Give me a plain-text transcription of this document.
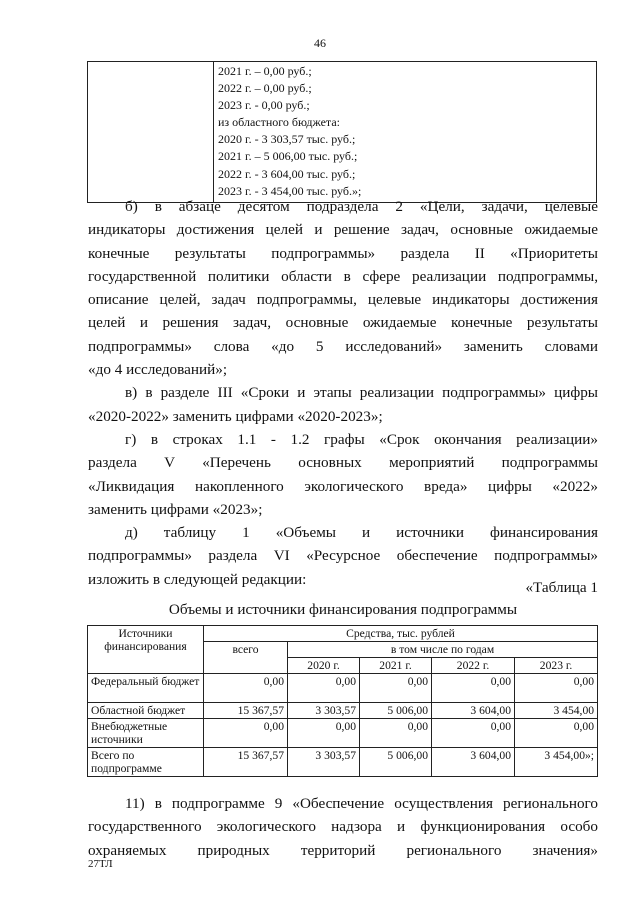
46

2021 г. – 0,00 руб.;
2022 г. – 0,00 руб.;
2023 г. - 0,00 руб.;
из областного бюджета:
2020 г. - 3 303,57 тыс. руб.;
2021 г. – 5 006,00 тыс. руб.;
2022 г. - 3 604,00 тыс. руб.;
2023 г. - 3 454,00 тыс. руб.»;

б) в абзаце десятом подраздела 2 «Цели, задачи, целевые

индикаторы достижения целей и решение задач, основные ожидаемые

конечные результаты подпрограммы» раздела II «Приоритеты

государственной политики области в сфере реализации подпрограммы,

описание целей, задач подпрограммы, целевые индикаторы достижения

целей и решения задач, основные ожидаемые конечные результаты

подпрограммы» слова «до 5 исследований» заменить словами

«до 4 исследований»;

в) в разделе III «Сроки и этапы реализации подпрограммы» цифры

«2020-2022» заменить цифрами «2020-2023»;

г) в строках 1.1 - 1.2 графы «Срок окончания реализации»

раздела V «Перечень основных мероприятий подпрограммы

«Ликвидация накопленного экологического вреда» цифры «2022»

заменить цифрами «2023»;

д) таблицу 1 «Объемы и источники финансирования

подпрограммы» раздела VI «Ресурсное обеспечение подпрограммы»

изложить в следующей редакции:	«Таблица 1
Объемы и источники финансирования подпрограммы
Источники финансирования	Средства, тыс. рублей				
	всего	в том числе по годам			
		2020 г.	2021 г.	2022 г.	2023 г.
Федеральный бюджет	0,00	0,00	0,00	0,00	0,00
Областной бюджет	15 367,57	3 303,57	5 006,00	3 604,00	3 454,00
Внебюджетные источники	0,00	0,00	0,00	0,00	0,00
Всего по подпрограмме	15 367,57	3 303,57	5 006,00	3 604,00	3 454,00»;

11) в подпрограмме 9 «Обеспечение осуществления регионального

государственного экологического надзора и функционирования особо

охраняемых природных территорий регионального значения»

27ТЛ
